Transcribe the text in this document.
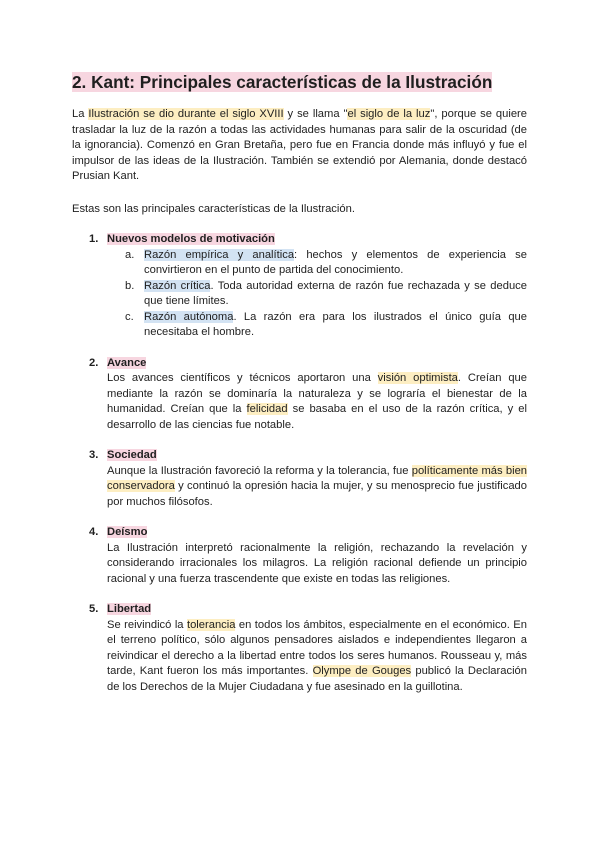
2. Kant: Principales características de la Ilustración

La Ilustración se dio durante el siglo XVIII y se llama "el siglo de la luz", porque se quiere trasladar la luz de la razón a todas las actividades humanas para salir de la oscuridad (de la ignorancia). Comenzó en Gran Bretaña, pero fue en Francia donde más influyó y fue el impulsor de las ideas de la Ilustración. También se extendió por Alemania, donde destacó Prusian Kant.

Estas son las principales características de la Ilustración.

1. Nuevos modelos de motivación
a. Razón empírica y analítica: hechos y elementos de experiencia se convirtieron en el punto de partida del conocimiento.
b. Razón crítica. Toda autoridad externa de razón fue rechazada y se deduce que tiene límites.
c. Razón autónoma. La razón era para los ilustrados el único guía que necesitaba el hombre.
2. Avance

Los avances científicos y técnicos aportaron una visión optimista. Creían que mediante la razón se dominaría la naturaleza y se lograría el bienestar de la humanidad. Creían que la felicidad se basaba en el uso de la razón crítica, y el desarrollo de las ciencias fue notable.

3. Sociedad

Aunque la Ilustración favoreció la reforma y la tolerancia, fue políticamente más bien conservadora y continuó la opresión hacia la mujer, y su menosprecio fue justificado por muchos filósofos.

4. Deísmo

La Ilustración interpretó racionalmente la religión, rechazando la revelación y considerando irracionales los milagros. La religión racional defiende un principio racional y una fuerza trascendente que existe en todas las religiones.

5. Libertad

Se reivindicó la tolerancia en todos los ámbitos, especialmente en el económico. En el terreno político, sólo algunos pensadores aislados e independientes llegaron a reivindicar el derecho a la libertad entre todos los seres humanos. Rousseau y, más tarde, Kant fueron los más importantes. Olympe de Gouges publicó la Declaración de los Derechos de la Mujer Ciudadana y fue asesinado en la guillotina.
